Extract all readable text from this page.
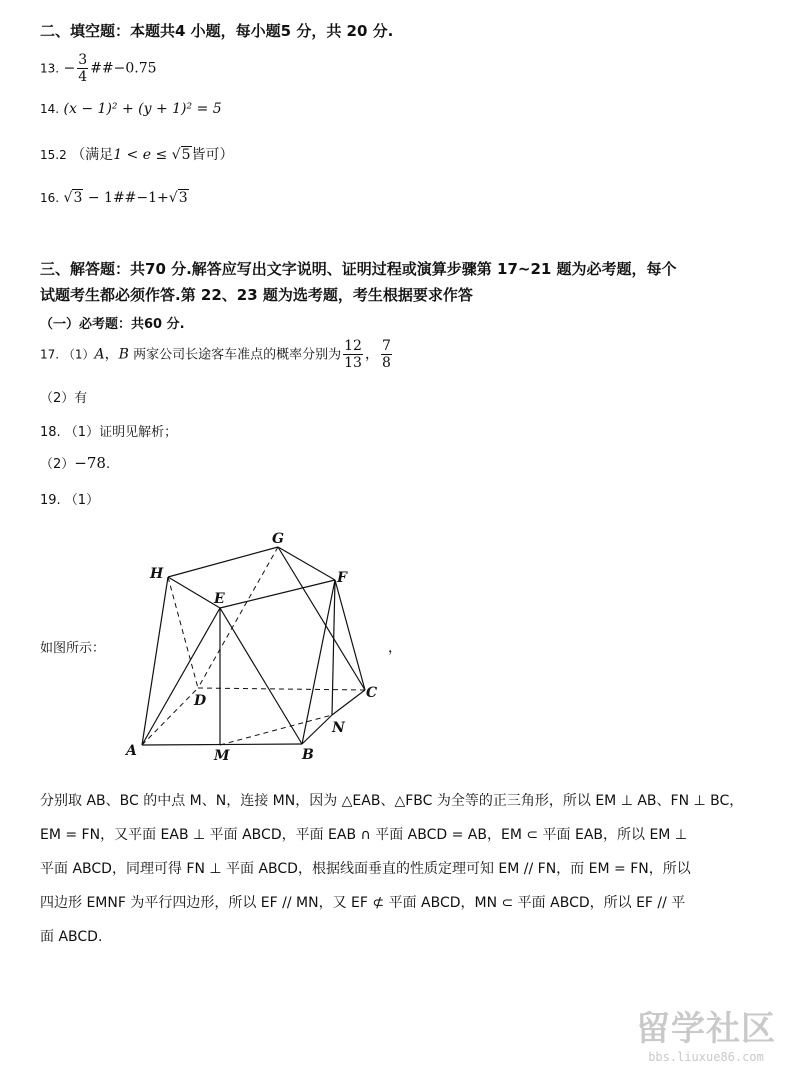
二、填空题：本题共4 小题，每小题5 分，共 20 分.
13. − $\frac{3}{4}$ ##−0.75
14. (x − 1)² + (y + 1)² = 5
15.2 （满足1 < e ≤ √5皆可）
16. √3 − 1##−1+√3
三、解答题：共70 分.解答应写出文字说明、证明过程或演算步骤第 17~21 题为必考题，每个
试题考生都必须作答.第 22、23 题为选考题，考生根据要求作答
（一）必考题：共60 分.
17. （1）A，B 两家公司长途客车准点的概率分别为 $\frac{12}{13}$ ， $\frac{7}{8}$
（2）有
18. （1）证明见解析；
（2）−78.
19. （1）
如图所示：	，
G
H	F
E
C
D
N
A	M	B
分别取 AB、BC 的中点 M、N，连接 MN，因为 △EAB、△FBC 为全等的正三角形，所以 EM ⊥ AB、FN ⊥ BC，
EM = FN，又平面 EAB ⊥ 平面 ABCD，平面 EAB ∩ 平面 ABCD = AB，EM ⊂ 平面 EAB，所以 EM ⊥
平面 ABCD，同理可得 FN ⊥ 平面 ABCD，根据线面垂直的性质定理可知 EM // FN，而 EM = FN，所以
四边形 EMNF 为平行四边形，所以 EF // MN，又 EF ⊄ 平面 ABCD，MN ⊂ 平面 ABCD，所以 EF // 平
面 ABCD.
留学社区
bbs.liuxue86.com
